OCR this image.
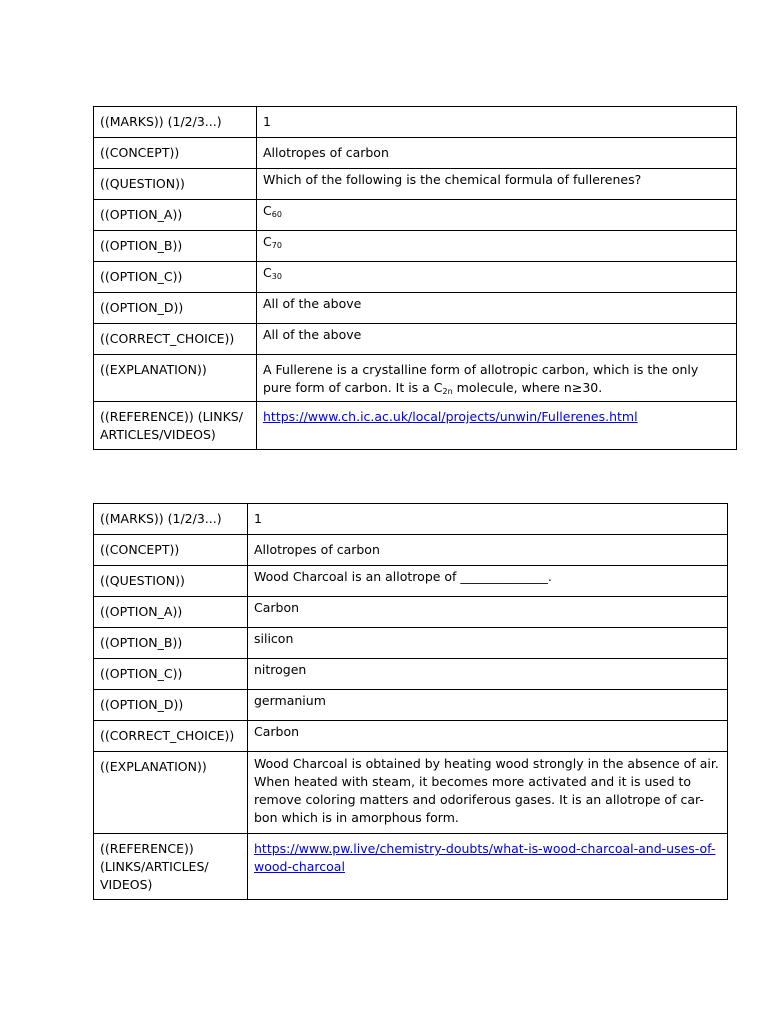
((MARKS)) (1/2/3...)	1
((CONCEPT))	Allotropes of carbon
((QUESTION))	Which of the following is the chemical formula of fullerenes?
((OPTION_A))	$C_{60}$
((OPTION_B))	$C_{70}$
((OPTION_C))	$C_{30}$
((OPTION_D))	All of the above
((CORRECT_CHOICE))	All of the above
((EXPLANATION))	A Fullerene is a crystalline form of allotropic carbon, which is the only pure form of carbon. It is a $C_{2n}$ molecule, where n≥30.
((REFERENCE)) (LINKS/ ARTICLES/VIDEOS)	https://www.ch.ic.ac.uk/local/projects/unwin/Fullerenes.html
((MARKS)) (1/2/3...)	1
((CONCEPT))	Allotropes of carbon
((QUESTION))	Wood Charcoal is an allotrope of ______________.
((OPTION_A))	Carbon
((OPTION_B))	silicon
((OPTION_C))	nitrogen
((OPTION_D))	germanium
((CORRECT_CHOICE))	Carbon
((EXPLANATION))	Wood Charcoal is obtained by heating wood strongly in the absence of air. When heated with steam, it becomes more activated and it is used to remove coloring matters and odoriferous gases. It is an allotrope of car-bon which is in amorphous form.
((REFERENCE)) (LINKS/ARTICLES/ VIDEOS)	https://www.pw.live/chemistry-doubts/what-is-wood-charcoal-and-uses-of-wood-charcoal
